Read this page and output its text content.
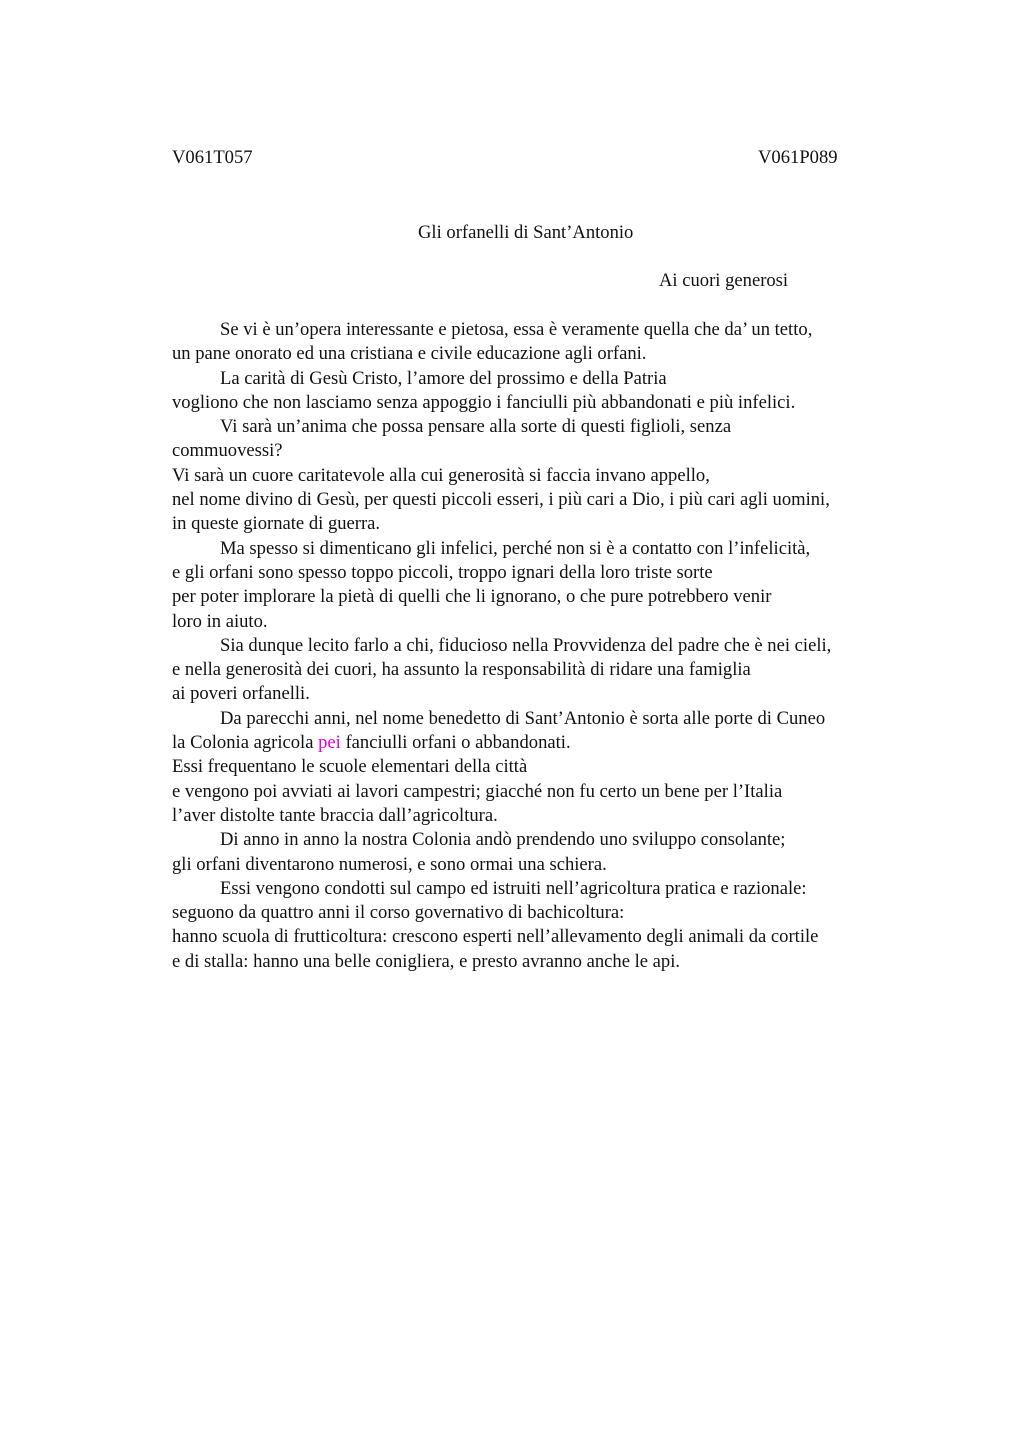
V061T057	V061P089
Gli orfanelli di Sant’Antonio
Ai cuori generosi
Se vi è un’opera interessante e pietosa, essa è veramente quella che da’ un tetto,
un pane onorato ed una cristiana e civile educazione agli orfani.
La carità di Gesù Cristo, l’amore del prossimo e della Patria
vogliono che non lasciamo senza appoggio i fanciulli più abbandonati e più infelici.
Vi sarà un’anima che possa pensare alla sorte di questi figlioli, senza
commuovessi?
Vi sarà un cuore caritatevole alla cui generosità si faccia invano appello,
nel nome divino di Gesù, per questi piccoli esseri, i più cari a Dio, i più cari agli uomini,
in queste giornate di guerra.
Ma spesso si dimenticano gli infelici, perché non si è a contatto con l’infelicità,
e gli orfani sono spesso toppo piccoli, troppo ignari della loro triste sorte
per poter implorare la pietà di quelli che li ignorano, o che pure potrebbero venir
loro in aiuto.
Sia dunque lecito farlo a chi, fiducioso nella Provvidenza del padre che è nei cieli,
e nella generosità dei cuori, ha assunto la responsabilità di ridare una famiglia
ai poveri orfanelli.
Da parecchi anni, nel nome benedetto di Sant’Antonio è sorta alle porte di Cuneo
la Colonia agricola pei fanciulli orfani o abbandonati.
Essi frequentano le scuole elementari della città
e vengono poi avviati ai lavori campestri; giacché non fu certo un bene per l’Italia
l’aver distolte tante braccia dall’agricoltura.
Di anno in anno la nostra Colonia andò prendendo uno sviluppo consolante;
gli orfani diventarono numerosi, e sono ormai una schiera.
Essi vengono condotti sul campo ed istruiti nell’agricoltura pratica e razionale:
seguono da quattro anni il corso governativo di bachicoltura:
hanno scuola di frutticoltura: crescono esperti nell’allevamento degli animali da cortile
e di stalla: hanno una belle conigliera, e presto avranno anche le api.
